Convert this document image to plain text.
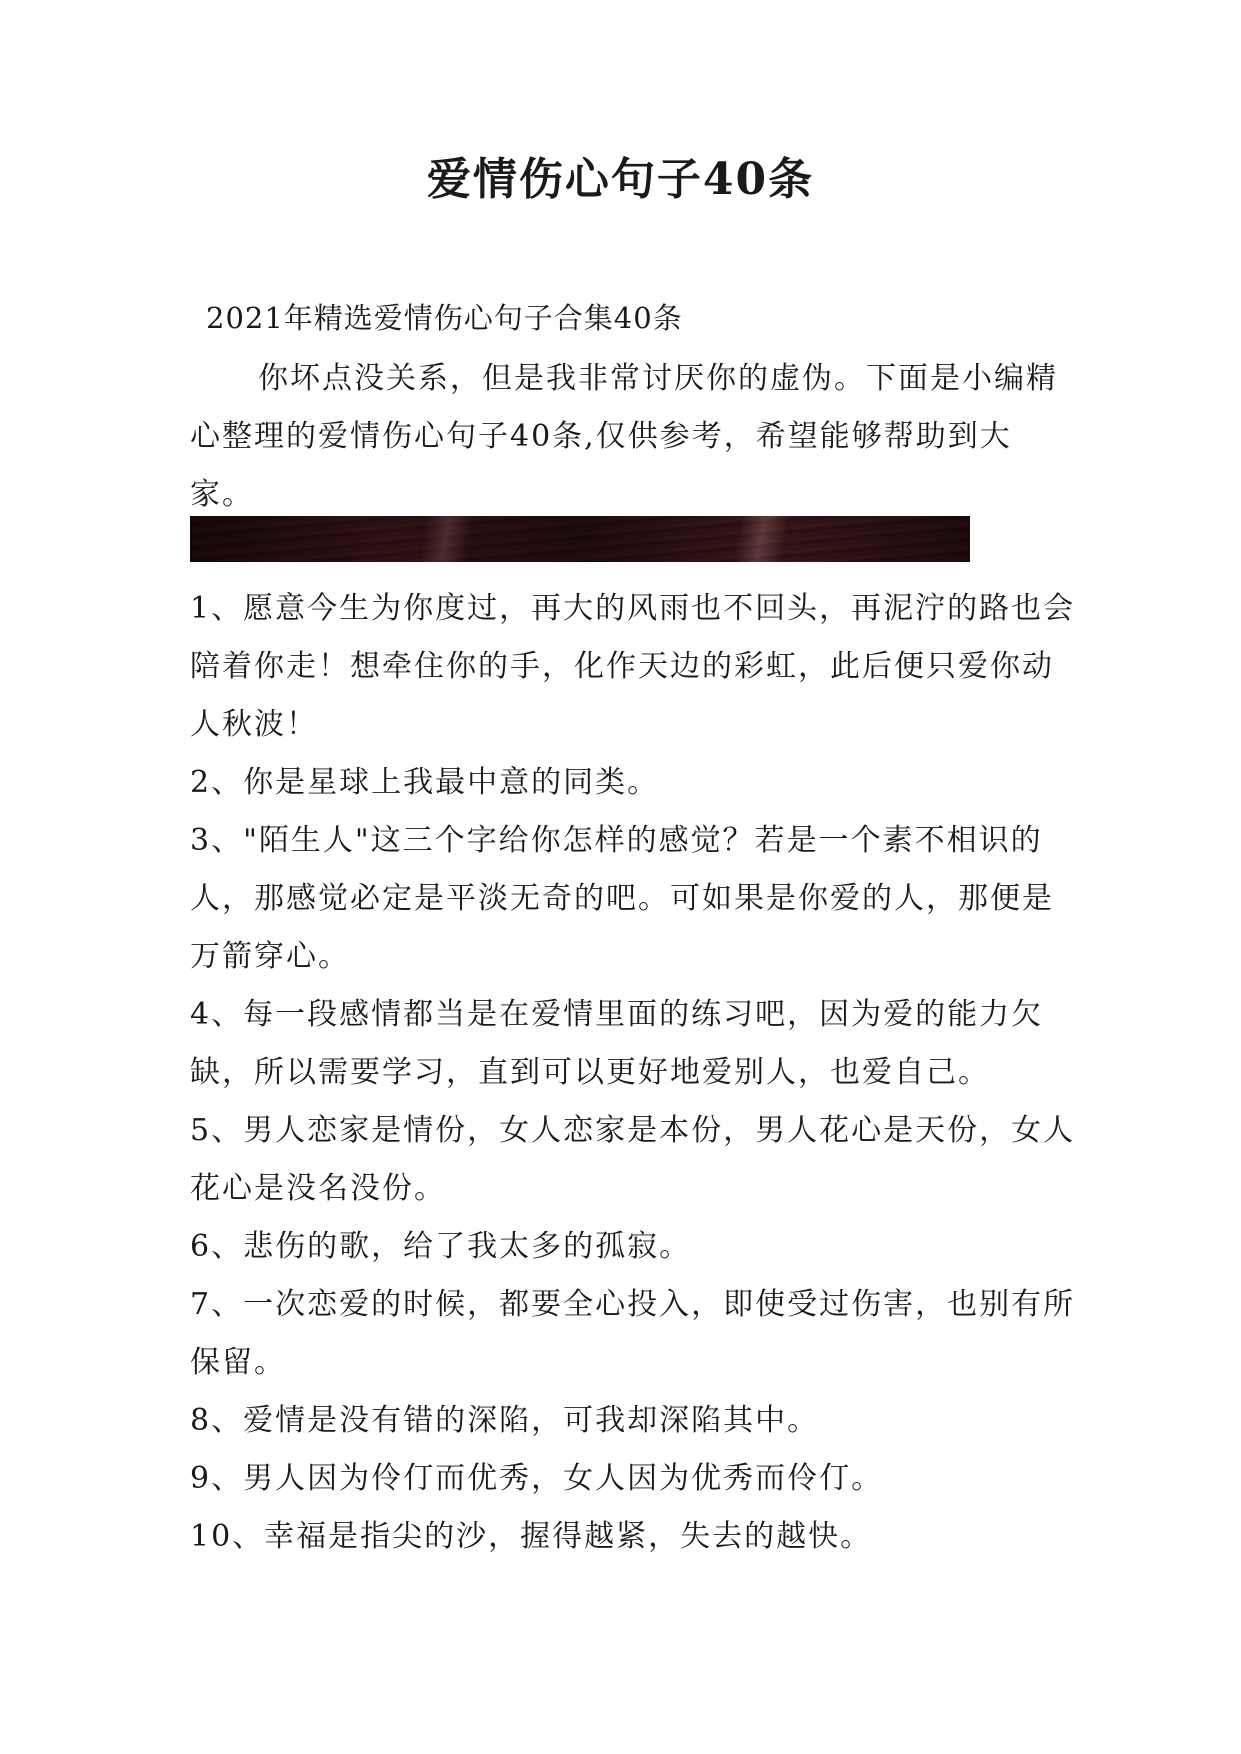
爱情伤心句子40条
2021年精选爱情伤心句子合集40条
你坏点没关系，但是我非常讨厌你的虚伪。下面是小编精心整理的爱情伤心句子40条,仅供参考，希望能够帮助到大家。

1、愿意今生为你度过，再大的风雨也不回头，再泥泞的路也会陪着你走！想牵住你的手，化作天边的彩虹，此后便只爱你动人秋波！

2、你是星球上我最中意的同类。

3、"陌生人"这三个字给你怎样的感觉？若是一个素不相识的人，那感觉必定是平淡无奇的吧。可如果是你爱的人，那便是万箭穿心。

4、每一段感情都当是在爱情里面的练习吧，因为爱的能力欠缺，所以需要学习，直到可以更好地爱别人，也爱自己。

5、男人恋家是情份，女人恋家是本份，男人花心是天份，女人花心是没名没份。

6、悲伤的歌，给了我太多的孤寂。

7、一次恋爱的时候，都要全心投入，即使受过伤害，也别有所保留。

8、爱情是没有错的深陷，可我却深陷其中。

9、男人因为伶仃而优秀，女人因为优秀而伶仃。

10、幸福是指尖的沙，握得越紧，失去的越快。
